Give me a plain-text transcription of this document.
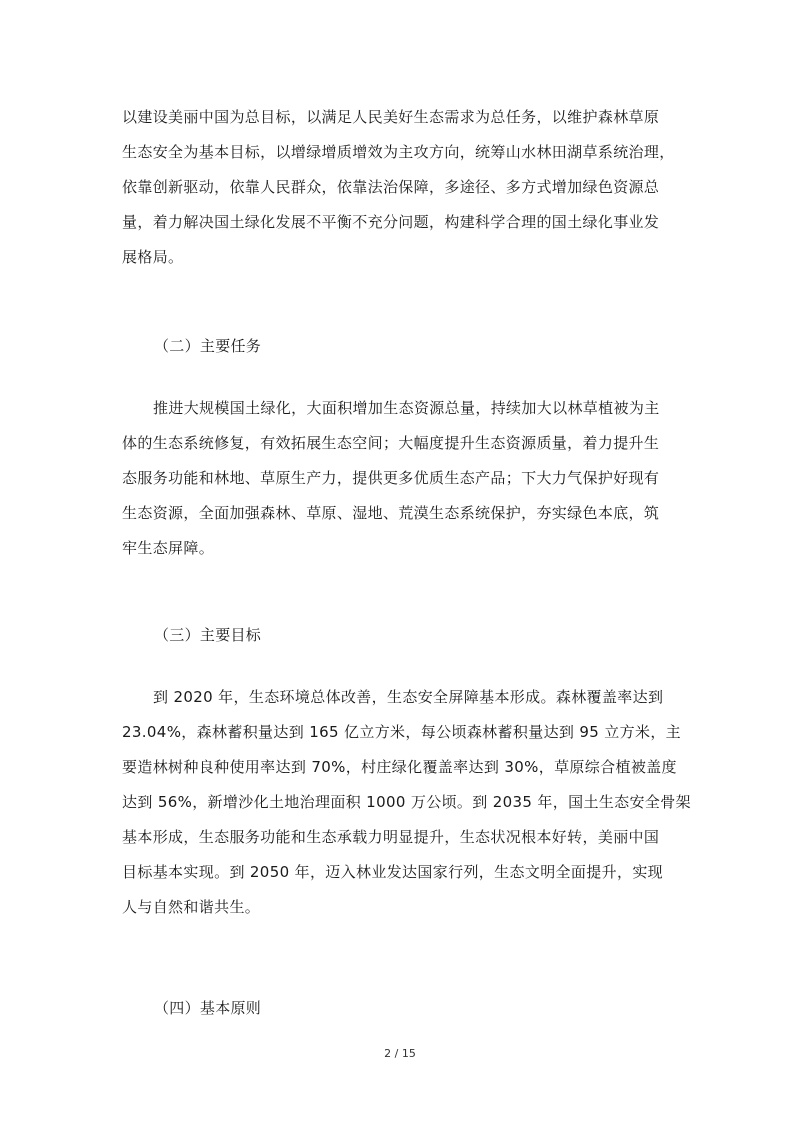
以建设美丽中国为总目标，以满足人民美好生态需求为总任务，以维护森林草原
生态安全为基本目标，以增绿增质增效为主攻方向，统筹山水林田湖草系统治理，
依靠创新驱动，依靠人民群众，依靠法治保障，多途径、多方式增加绿色资源总
量，着力解决国土绿化发展不平衡不充分问题，构建科学合理的国土绿化事业发
展格局。
（二）主要任务
推进大规模国土绿化，大面积增加生态资源总量，持续加大以林草植被为主
体的生态系统修复，有效拓展生态空间；大幅度提升生态资源质量，着力提升生
态服务功能和林地、草原生产力，提供更多优质生态产品；下大力气保护好现有
生态资源，全面加强森林、草原、湿地、荒漠生态系统保护，夯实绿色本底，筑
牢生态屏障。
（三）主要目标
到 2020 年，生态环境总体改善，生态安全屏障基本形成。森林覆盖率达到
23.04%，森林蓄积量达到 165 亿立方米，每公顷森林蓄积量达到 95 立方米，主
要造林树种良种使用率达到 70%，村庄绿化覆盖率达到 30%，草原综合植被盖度
达到 56%，新增沙化土地治理面积 1000 万公顷。到 2035 年，国土生态安全骨架
基本形成，生态服务功能和生态承载力明显提升，生态状况根本好转，美丽中国
目标基本实现。到 2050 年，迈入林业发达国家行列，生态文明全面提升，实现
人与自然和谐共生。
（四）基本原则
2 / 15
